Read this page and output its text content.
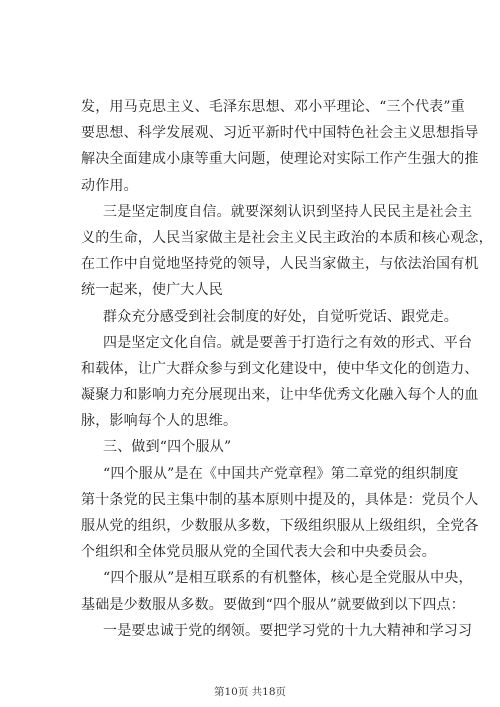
发，用马克思主义、毛泽东思想、邓小平理论、“三个代表”重
要思想、科学发展观、习近平新时代中国特色社会主义思想指导
解决全面建成小康等重大问题，使理论对实际工作产生强大的推
动作用。
三是坚定制度自信。就要深刻认识到坚持人民民主是社会主
义的生命，人民当家做主是社会主义民主政治的本质和核心观念，
在工作中自觉地坚持党的领导，人民当家做主，与依法治国有机
统一起来，使广大人民
群众充分感受到社会制度的好处，自觉听党话、跟党走。
四是坚定文化自信。就是要善于打造行之有效的形式、平台
和载体，让广大群众参与到文化建设中，使中华文化的创造力、
凝聚力和影响力充分展现出来，让中华优秀文化融入每个人的血
脉，影响每个人的思维。
三、做到“四个服从”
“四个服从”是在《中国共产党章程》第二章党的组织制度
第十条党的民主集中制的基本原则中提及的，具体是：党员个人
服从党的组织，少数服从多数，下级组织服从上级组织，全党各
个组织和全体党员服从党的全国代表大会和中央委员会。
“四个服从”是相互联系的有机整体，核心是全党服从中央，
基础是少数服从多数。要做到“四个服从”就要做到以下四点：
一是要忠诚于党的纲领。要把学习党的十九大精神和学习习
第10页 共18页
